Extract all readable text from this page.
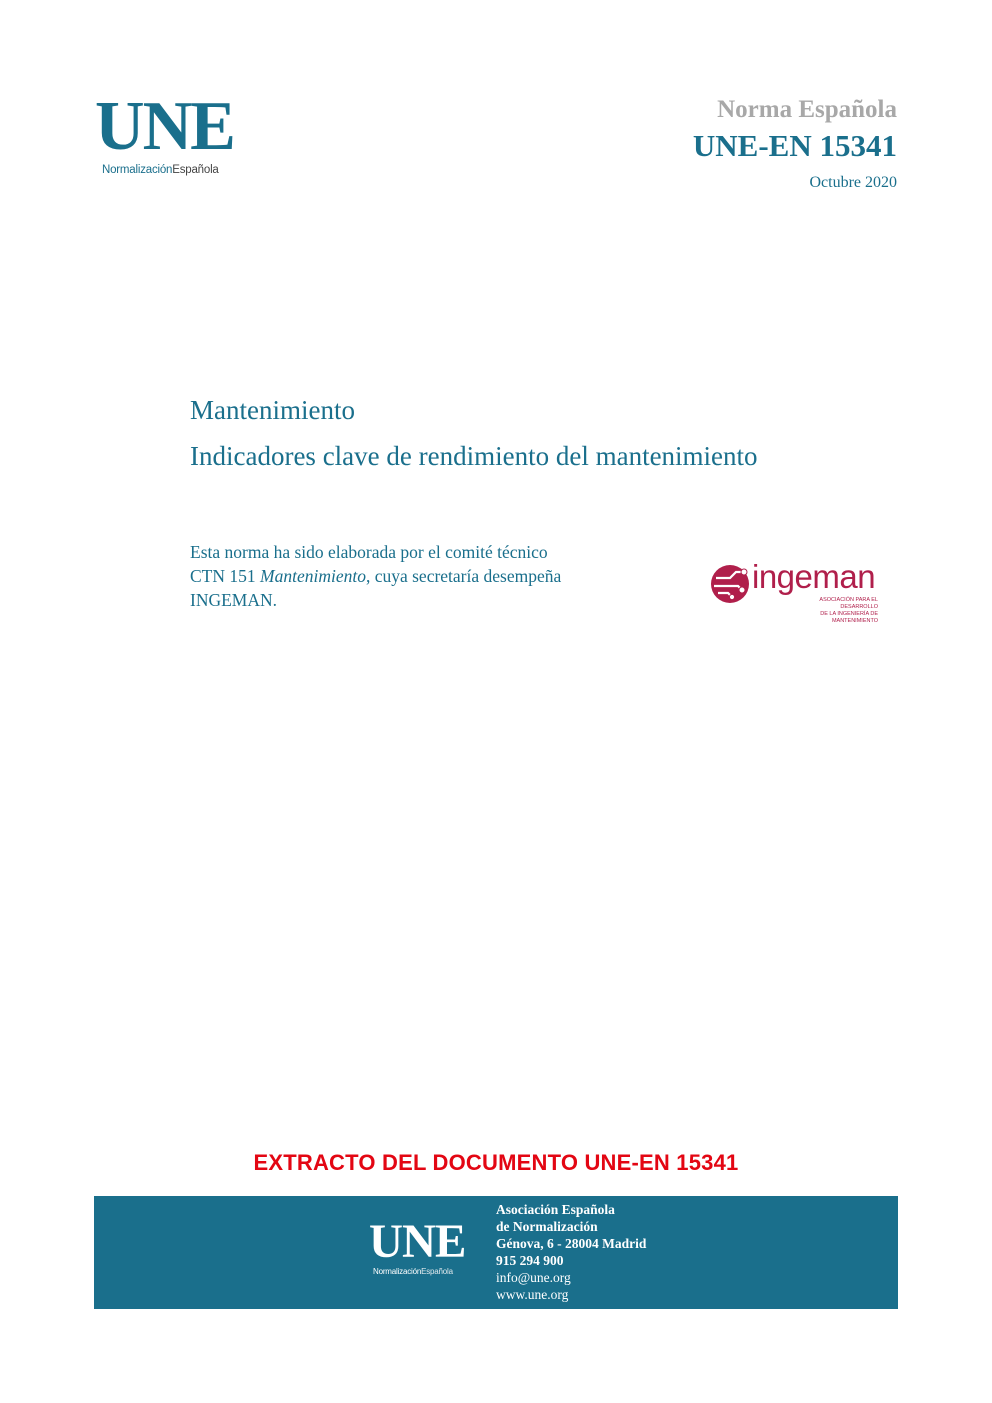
UNE
NormalizaciónEspañola
Norma Española
UNE-EN 15341
Octubre 2020
Mantenimiento
Indicadores clave de rendimiento del mantenimiento
Esta norma ha sido elaborada por el comité técnico
CTN 151 Mantenimiento, cuya secretaría desempeña
INGEMAN.
ingeman
ASOCIACIÓN PARA EL DESARROLLO
DE LA INGENIERÍA DE MANTENIMIENTO
EXTRACTO DEL DOCUMENTO UNE-EN 15341
UNE
NormalizaciónEspañola
Asociación Española
de Normalización
Génova, 6 - 28004 Madrid
915 294 900
info@une.org
www.une.org
